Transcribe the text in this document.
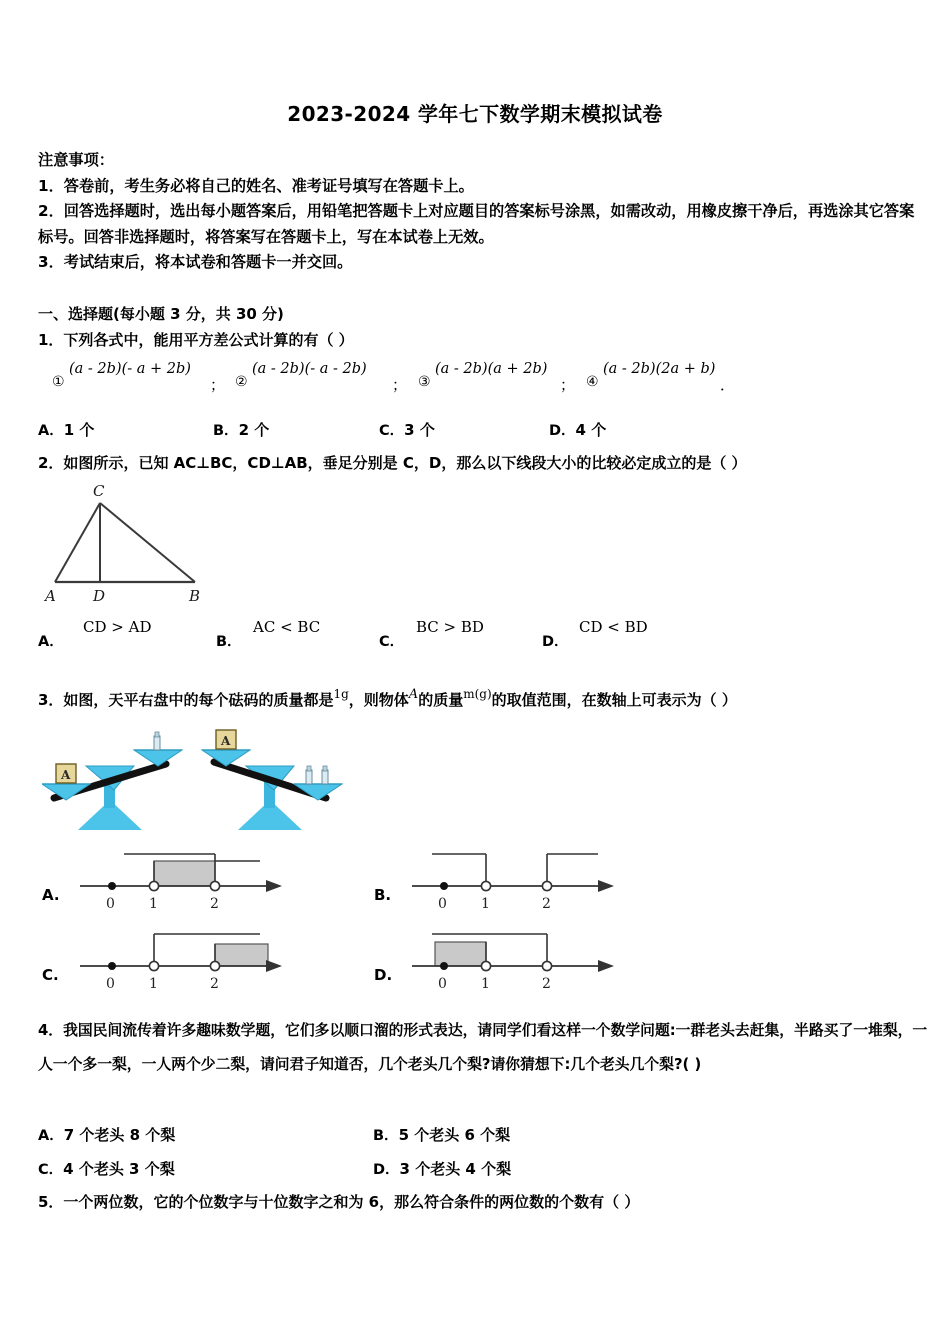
2023-2024 学年七下数学期末模拟试卷
注意事项：
1．答卷前，考生务必将自己的姓名、准考证号填写在答题卡上。
2．回答选择题时，选出每小题答案后，用铅笔把答题卡上对应题目的答案标号涂黑，如需改动，用橡皮擦干净后，再选涂其它答案标号。回答非选择题时，将答案写在答题卡上，写在本试卷上无效。
3．考试结束后，将本试卷和答题卡一并交回。
一、选择题(每小题 3 分，共 30 分)
1．下列各式中，能用平方差公式计算的有（ ）
①
(a - 2b)(- a + 2b)
； ②
(a - 2b)(- a - 2b)
； ③
(a - 2b)(a + 2b)
； ④
(a - 2b)(2a + b)
．
A．1 个	B．2 个	C．3 个	D．4 个
2．如图所示，已知 AC⊥BC，CD⊥AB，垂足分别是 C，D，那么以下线段大小的比较必定成立的是（ ）
C
A D	B
A．
CD > AD
B．
AC < BC
C．
BC > BD
D．
CD < BD
3．如图，天平右盘中的每个砝码的质量都是$^{1g}$，则物体A的质量$^{m(g)}$的取值范围，在数轴上可表示为（ ）
A
A
A.	0 1	2	B.	0 1	2
C.	0 1	2	D.	0 1	2
4．我国民间流传着许多趣味数学题，它们多以顺口溜的形式表达，请同学们看这样一个数学问题:一群老头去赶集，半路买了一堆梨，一人一个多一梨，一人两个少二梨，请问君子知道否，几个老头几个梨?请你猜想下:几个老头几个梨?( )
A．7 个老头 8 个梨	B．5 个老头 6 个梨
C．4 个老头 3 个梨	D．3 个老头 4 个梨
5．一个两位数，它的个位数字与十位数字之和为 6，那么符合条件的两位数的个数有（ ）
